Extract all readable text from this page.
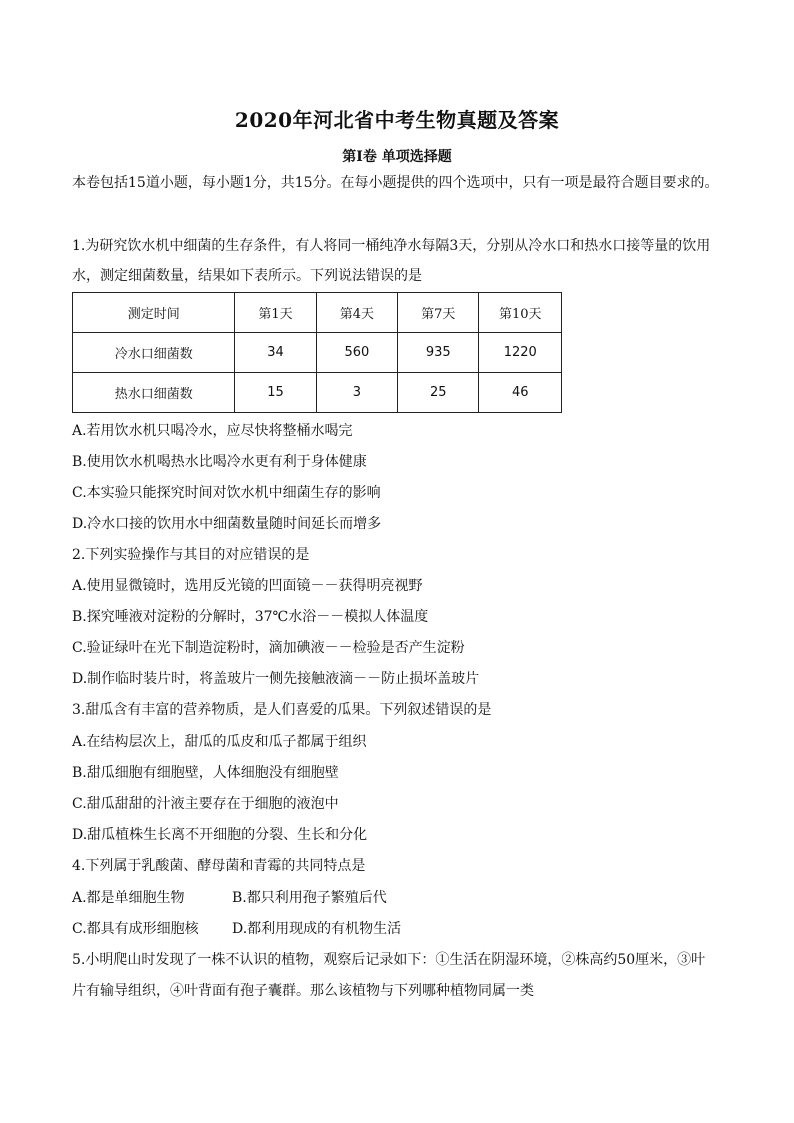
2020年河北省中考生物真题及答案
第Ⅰ卷 单项选择题
本卷包括15道小题，每小题1分，共15分。在每小题提供的四个选项中，只有一项是最符合题目要求的。
1.为研究饮水机中细菌的生存条件，有人将同一桶纯净水每隔3天，分别从冷水口和热水口接等量的饮用
水，测定细菌数量，结果如下表所示。下列说法错误的是
测定时间	第1天	第4天	第7天	第10天
冷水口细菌数	34	560	935	1220
热水口细菌数	15	3	25	46
A.若用饮水机只喝冷水，应尽快将整桶水喝完
B.使用饮水机喝热水比喝冷水更有利于身体健康
C.本实验只能探究时间对饮水机中细菌生存的影响
D.冷水口接的饮用水中细菌数量随时间延长而增多
2.下列实验操作与其目的对应错误的是
A.使用显微镜时，选用反光镜的凹面镜－－获得明亮视野
B.探究唾液对淀粉的分解时，37℃水浴－－模拟人体温度
C.验证绿叶在光下制造淀粉时，滴加碘液－－检验是否产生淀粉
D.制作临时装片时，将盖玻片一侧先接触液滴－－防止损坏盖玻片
3.甜瓜含有丰富的营养物质，是人们喜爱的瓜果。下列叙述错误的是
A.在结构层次上，甜瓜的瓜皮和瓜子都属于组织
B.甜瓜细胞有细胞壁，人体细胞没有细胞壁
C.甜瓜甜甜的汁液主要存在于细胞的液泡中
D.甜瓜植株生长离不开细胞的分裂、生长和分化
4.下列属于乳酸菌、酵母菌和青霉的共同特点是
A.都是单细胞生物	B.都只利用孢子繁殖后代
C.都具有成形细胞核 D.都利用现成的有机物生活
5.小明爬山时发现了一株不认识的植物，观察后记录如下：①生活在阴湿环境，②株高约50厘米，③叶
片有输导组织，④叶背面有孢子囊群。那么该植物与下列哪种植物同属一类
